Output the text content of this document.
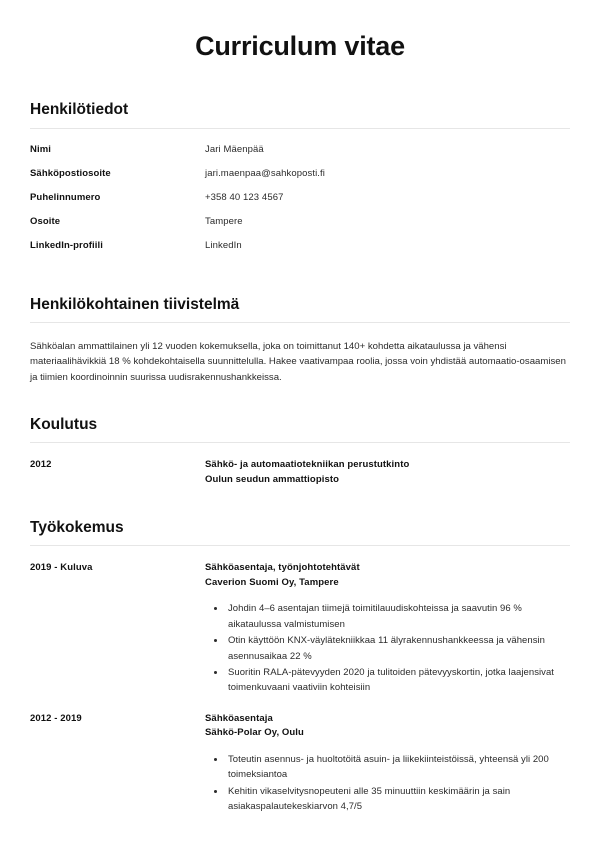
Curriculum vitae
Henkilötiedot
Nimi	Jari Mäenpää
Sähköpostiosoite	jari.maenpaa@sahkoposti.fi
Puhelinnumero	+358 40 123 4567
Osoite	Tampere
LinkedIn-profiili	LinkedIn
Henkilökohtainen tiivistelmä

Sähköalan ammattilainen yli 12 vuoden kokemuksella, joka on toimittanut 140+ kohdetta aikataulussa ja vähensi materiaalihävikkiä 18 % kohdekohtaisella suunnittelulla. Hakee vaativampaa roolia, jossa voin yhdistää automaatio-osaamisen ja tiimien koordinoinnin suurissa uudisrakennushankkeissa.

Koulutus
2012	Sähkö- ja automaatiotekniikan perustutkinto
Oulun seudun ammattiopisto
Työkokemus
2019 - Kuluva	Sähköasentaja, työnjohtotehtävät
Caverion Suomi Oy, Tampere
• Johdin 4–6 asentajan tiimejä toimitilauudiskohteissa ja saavutin 96 % aikataulussa valmistumisen
• Otin käyttöön KNX-väylätekniikkaa 11 älyrakennushankkeessa ja vähensin asennusaikaa 22 %
• Suoritin RALA-pätevyyden 2020 ja tulitoiden pätevyyskortin, jotka laajensivat toimenkuvaani vaativiin kohteisiin
2012 - 2019	Sähköasentaja
Sähkö-Polar Oy, Oulu
• Toteutin asennus- ja huoltotöitä asuin- ja liikekiinteistöissä, yhteensä yli 200 toimeksiantoa
• Kehitin vikaselvitysnopeuteni alle 35 minuuttiin keskimäärin ja sain asiakaspalautekeskiarvon 4,7/5
